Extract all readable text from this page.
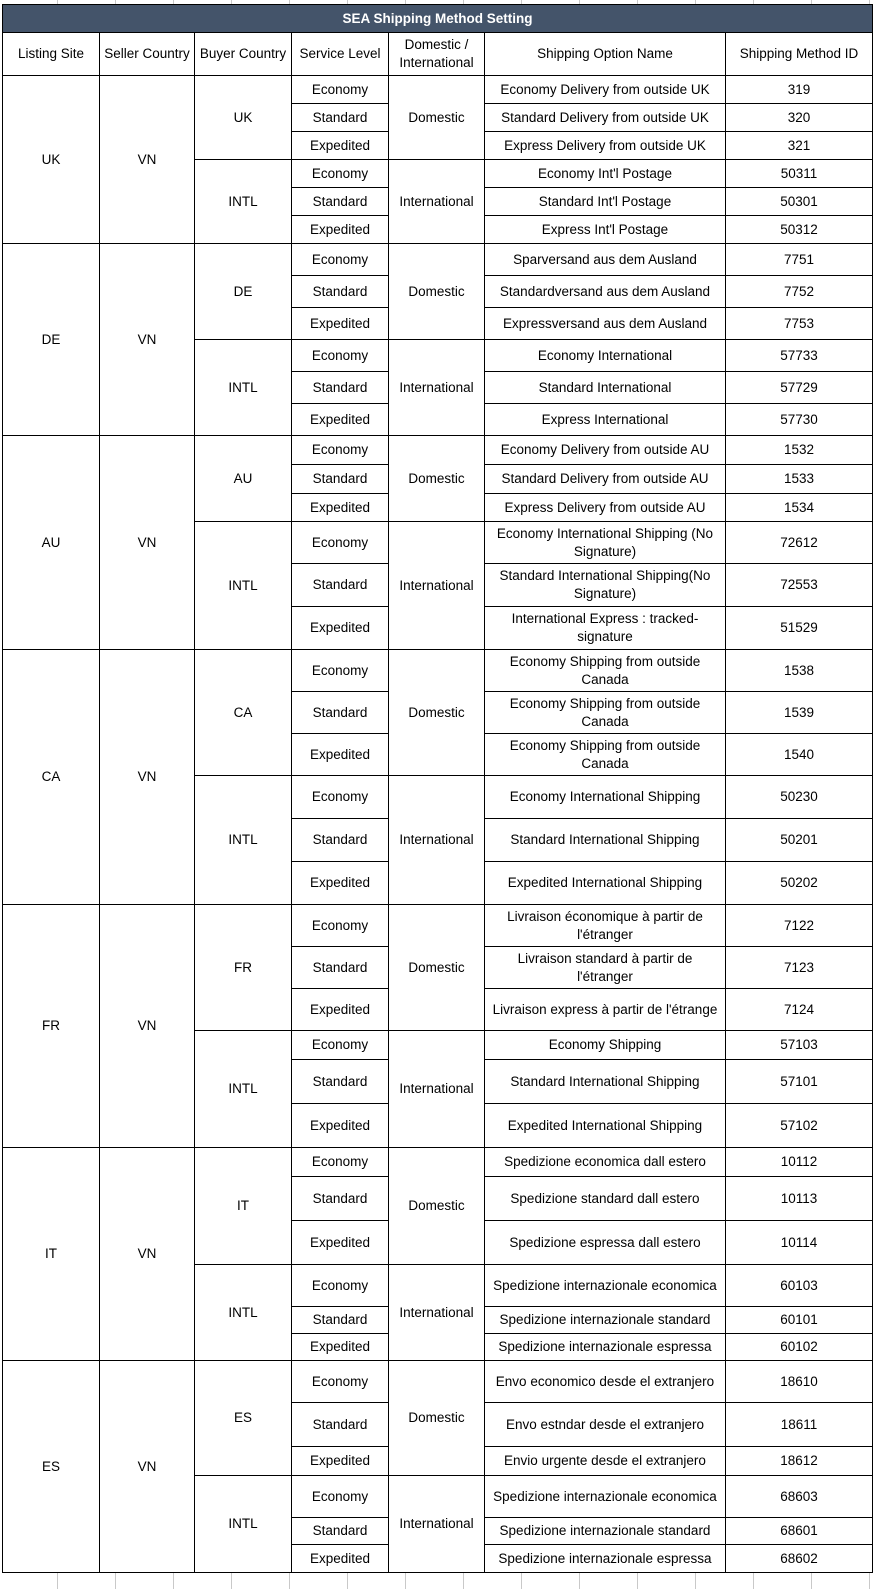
SEA Shipping Method Setting						
Listing Site	Seller Country	Buyer Country	Service Level	Domestic / International	Shipping Option Name	Shipping Method ID
UK	VN	UK	Economy	Domestic	Economy Delivery from outside UK	319
			Standard		Standard Delivery from outside UK	320
			Expedited		Express Delivery from outside UK	321
		INTL	Economy	International	Economy Int'l Postage	50311
			Standard		Standard Int'l Postage	50301
			Expedited		Express Int'l Postage	50312
DE	VN	DE	Economy	Domestic	Sparversand aus dem Ausland	7751
			Standard		Standardversand aus dem Ausland	7752
			Expedited		Expressversand aus dem Ausland	7753
		INTL	Economy	International	Economy International	57733
			Standard		Standard International	57729
			Expedited		Express International	57730
AU	VN	AU	Economy	Domestic	Economy Delivery from outside AU	1532
			Standard		Standard Delivery from outside AU	1533
			Expedited		Express Delivery from outside AU	1534
		INTL	Economy	International	Economy International Shipping (No Signature)	72612
			Standard		Standard International Shipping(No Signature)	72553
			Expedited		International Express : tracked-signature	51529
CA	VN	CA	Economy	Domestic	Economy Shipping from outside Canada	1538
			Standard		Economy Shipping from outside Canada	1539
			Expedited		Economy Shipping from outside Canada	1540
		INTL	Economy	International	Economy International Shipping	50230
			Standard		Standard International Shipping	50201
			Expedited		Expedited International Shipping	50202
FR	VN	FR	Economy	Domestic	Livraison économique à partir de l'étranger	7122
			Standard		Livraison standard à partir de l'étranger	7123
			Expedited		Livraison express à partir de l'étrange	7124
		INTL	Economy	International	Economy Shipping	57103
			Standard		Standard International Shipping	57101
			Expedited		Expedited International Shipping	57102
IT	VN	IT	Economy	Domestic	Spedizione economica dall estero	10112
			Standard		Spedizione standard dall estero	10113
			Expedited		Spedizione espressa dall estero	10114
		INTL	Economy	International	Spedizione internazionale economica	60103
			Standard		Spedizione internazionale standard	60101
			Expedited		Spedizione internazionale espressa	60102
ES	VN	ES	Economy	Domestic	Envo economico desde el extranjero	18610
			Standard		Envo estndar desde el extranjero	18611
			Expedited		Envio urgente desde el extranjero	18612
		INTL	Economy	International	Spedizione internazionale economica	68603
			Standard		Spedizione internazionale standard	68601
			Expedited		Spedizione internazionale espressa	68602
